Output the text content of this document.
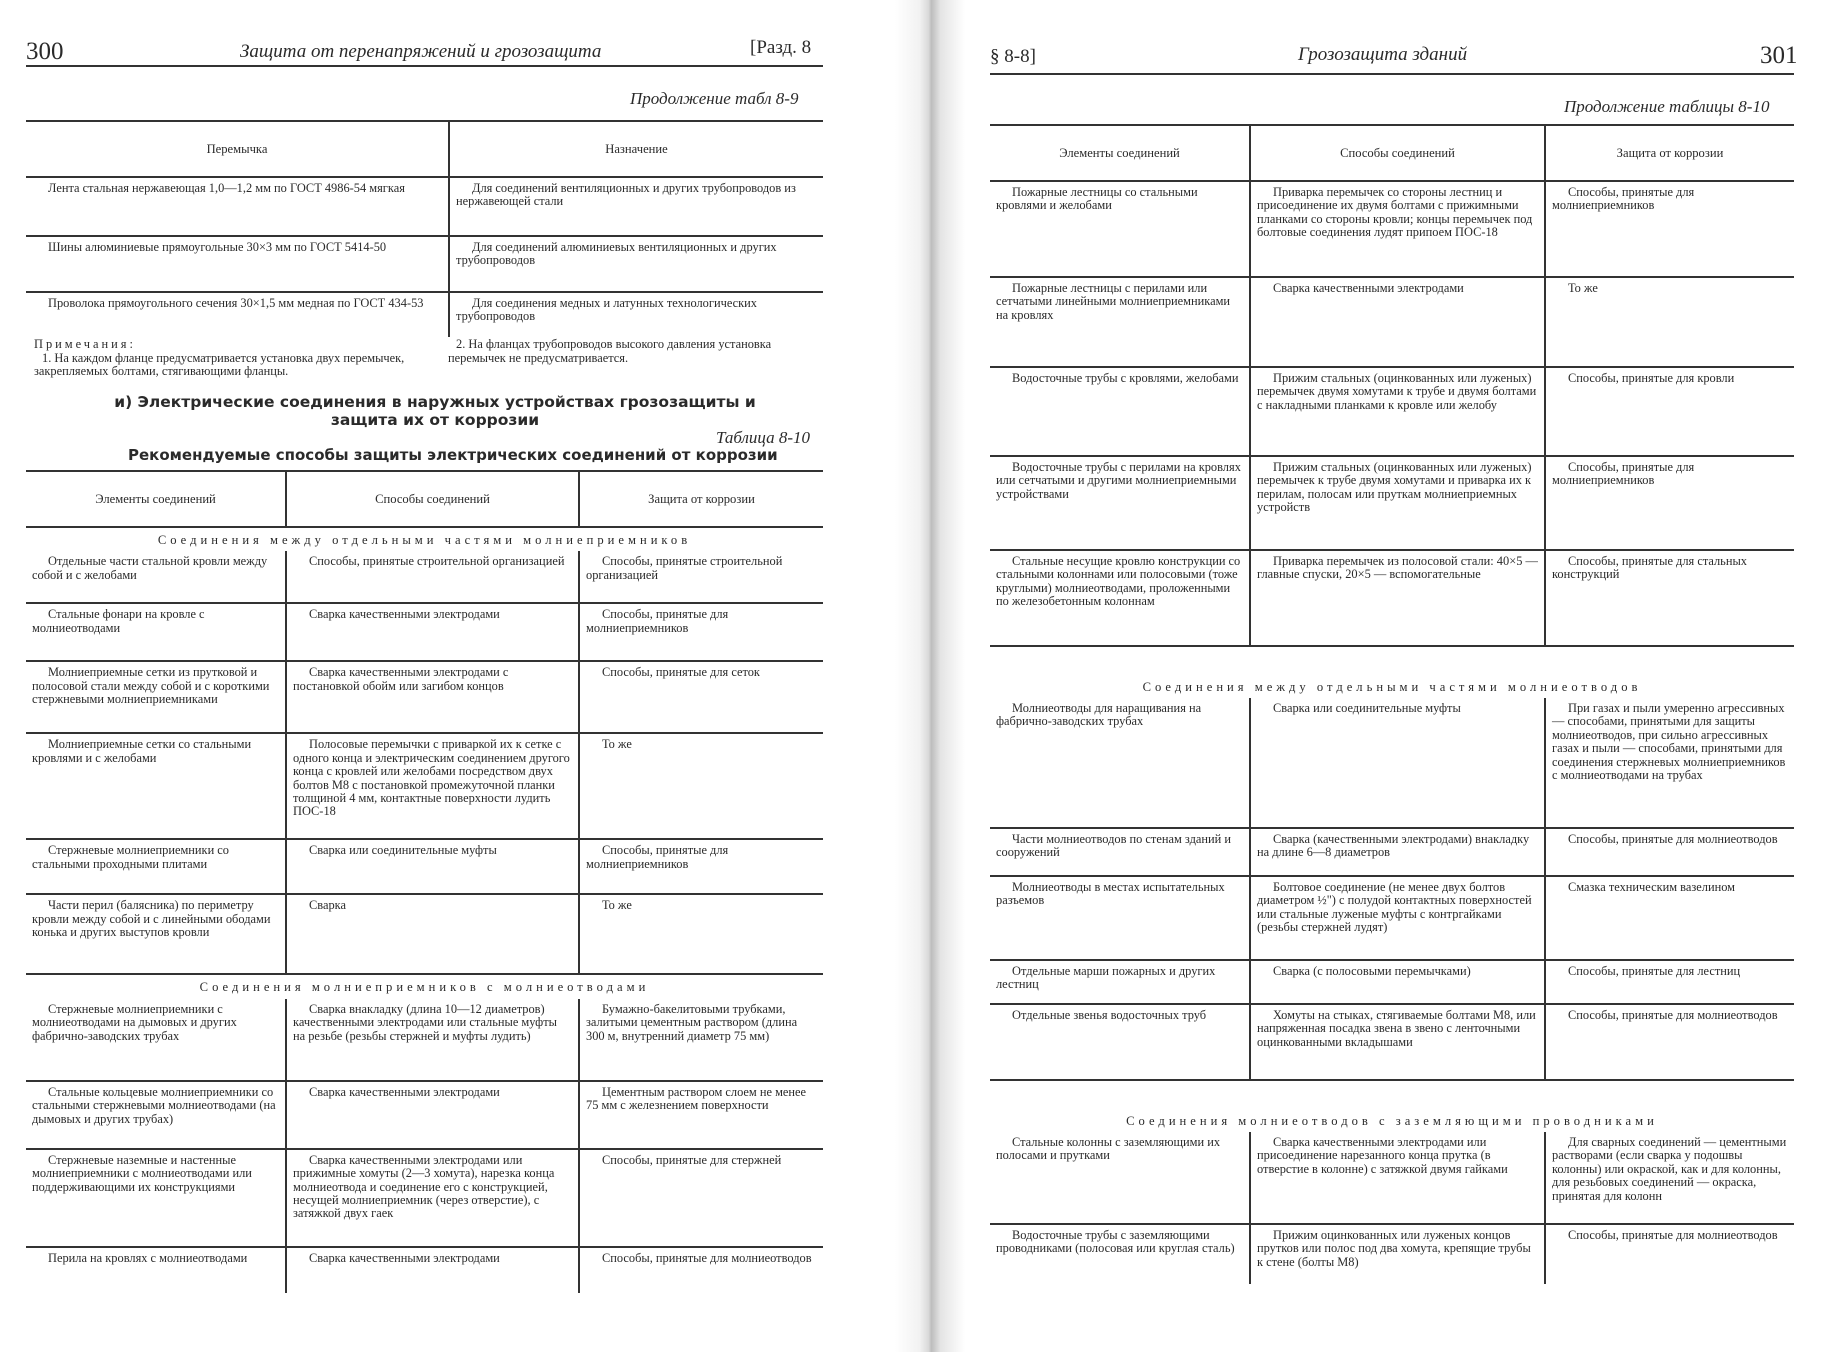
300	Защита от перенапряжений и грозозащита	[Разд. 8
Продолжение табл 8-9
Перемычка	Назначение
Лента стальная нержавеющая 1,0—1,2 мм по ГОСТ 4986-54 мягкая	Для соединений вентиляционных и других трубопроводов из нержавеющей стали
Шины алюминиевые прямоугольные 30×3 мм по ГОСТ 5414-50	Для соединений алюминиевых вентиляционных и других трубопроводов
Проволока прямоугольного сечения 30×1,5 мм медная по ГОСТ 434-53	Для соединения медных и латунных технологических трубопроводов
Примечания:
1. На каждом фланце предусматривается установка двух перемычек, закрепляемых болтами, стягивающими фланцы.
2. На фланцах трубопроводов высокого давления установка перемычек не предусматривается.
и) Электрические соединения в наружных устройствах грозозащиты и защита их от коррозии
Таблица 8-10
Рекомендуемые способы защиты электрических соединений от коррозии
Элементы соединений	Способы соединений	Защита от коррозии
Соединения между отдельными частями молниеприемников		
Отдельные части стальной кровли между собой и с желобами	Способы, принятые строительной организацией	Способы, принятые строительной организацией
Стальные фонари на кровле с молниеотводами	Сварка качественными электродами	Способы, принятые для молниеприемников
Молниеприемные сетки из прутковой и полосовой стали между собой и с короткими стержневыми молниеприемниками	Сварка качественными электродами с постановкой обойм или загибом концов	Способы, принятые для сеток
Молниеприемные сетки со стальными кровлями и с желобами	Полосовые перемычки с приваркой их к сетке с одного конца и электрическим соединением другого конца с кровлей или желобами посредством двух болтов М8 с постановкой промежуточной планки толщиной 4 мм, контактные поверхности лудить ПОС-18	То же
Стержневые молниеприемники со стальными проходными плитами	Сварка или соединительные муфты	Способы, принятые для молниеприемников
Части перил (балясника) по периметру кровли между собой и с линейными ободами конька и других выступов кровли	Сварка	То же
Соединения молниеприемников с молниеотводами		
Стержневые молниеприемники с молниеотводами на дымовых и других фабрично-заводских трубах	Сварка внакладку (длина 10—12 диаметров) качественными электродами или стальные муфты на резьбе (резьбы стержней и муфты лудить)	Бумажно-бакелитовыми трубками, залитыми цементным раствором (длина 300 м, внутренний диаметр 75 мм)
Стальные кольцевые молниеприемники со стальными стержневыми молниеотводами (на дымовых и других трубах)	Сварка качественными электродами	Цементным раствором слоем не менее 75 мм с железнением поверхности
Стержневые наземные и настенные молниеприемники с молниеотводами или поддерживающими их конструкциями	Сварка качественными электродами или прижимные хомуты (2—3 хомута), нарезка конца молниеотвода и соединение его с конструкцией, несущей молниеприемник (через отверстие), с затяжкой двух гаек	Способы, принятые для стержней
Перила на кровлях с молниеотводами	Сварка качественными электродами	Способы, принятые для молниеотводов
§ 8-8]	Грозозащита зданий	301
Продолжение таблицы 8-10
Элементы соединений	Способы соединений	Защита от коррозии
Пожарные лестницы со стальными кровлями и желобами	Приварка перемычек со стороны лестниц и присоединение их двумя болтами с прижимными планками со стороны кровли; концы перемычек под болтовые соединения лудят припоем ПОС-18	Способы, принятые для молниеприемников
Пожарные лестницы с перилами или сетчатыми линейными молниеприемниками на кровлях	Сварка качественными электродами	То же
Водосточные трубы с кровлями, желобами	Прижим стальных (оцинкованных или луженых) перемычек двумя хомутами к трубе и двумя болтами с накладными планками к кровле или желобу	Способы, принятые для кровли
Водосточные трубы с перилами на кровлях или сетчатыми и другими молниеприемными устройствами	Прижим стальных (оцинкованных или луженых) перемычек к трубе двумя хомутами и приварка их к перилам, полосам или пруткам молниеприемных устройств	Способы, принятые для молниеприемников
Стальные несущие кровлю конструкции со стальными колоннами или полосовыми (тоже круглыми) молниеотводами, проложенными по железобетонным колоннам	Приварка перемычек из полосовой стали: 40×5 — главные спуски, 20×5 — вспомогательные	Способы, принятые для стальных конструкций
Соединения между отдельными частями молниеотводов		
Молниеотводы для наращивания на фабрично-заводских трубах	Сварка или соединительные муфты	При газах и пыли умеренно агрессивных — способами, принятыми для защиты молниеотводов, при сильно агрессивных газах и пыли — способами, принятыми для соединения стержневых молниеприемников с молниеотводами на трубах
Части молниеотводов по стенам зданий и сооружений	Сварка (качественными электродами) внакладку на длине 6—8 диаметров	Способы, принятые для молниеотводов
Молниеотводы в местах испытательных разъемов	Болтовое соединение (не менее двух болтов диаметром ½") с полудой контактных поверхностей или стальные луженые муфты с контргайками (резьбы стержней лудят)	Смазка техническим вазелином
Отдельные марши пожарных и других лестниц	Сварка (с полосовыми перемычками)	Способы, принятые для лестниц
Отдельные звенья водосточных труб	Хомуты на стыках, стягиваемые болтами М8, или напряженная посадка звена в звено с ленточными оцинкованными вкладышами	Способы, принятые для молниеотводов
Соединения молниеотводов с заземляющими проводниками		
Стальные колонны с заземляющими их полосами и прутками	Сварка качественными электродами или присоединение нарезанного конца прутка (в отверстие в колонне) с затяжкой двумя гайками	Для сварных соединений — цементными растворами (если сварка у подошвы колонны) или окраской, как и для колонны, для резьбовых соединений — окраска, принятая для колонн
Водосточные трубы с заземляющими проводниками (полосовая или круглая сталь)	Прижим оцинкованных или луженых концов прутков или полос под два хомута, крепящие трубы к стене (болты М8)	Способы, принятые для молниеотводов
